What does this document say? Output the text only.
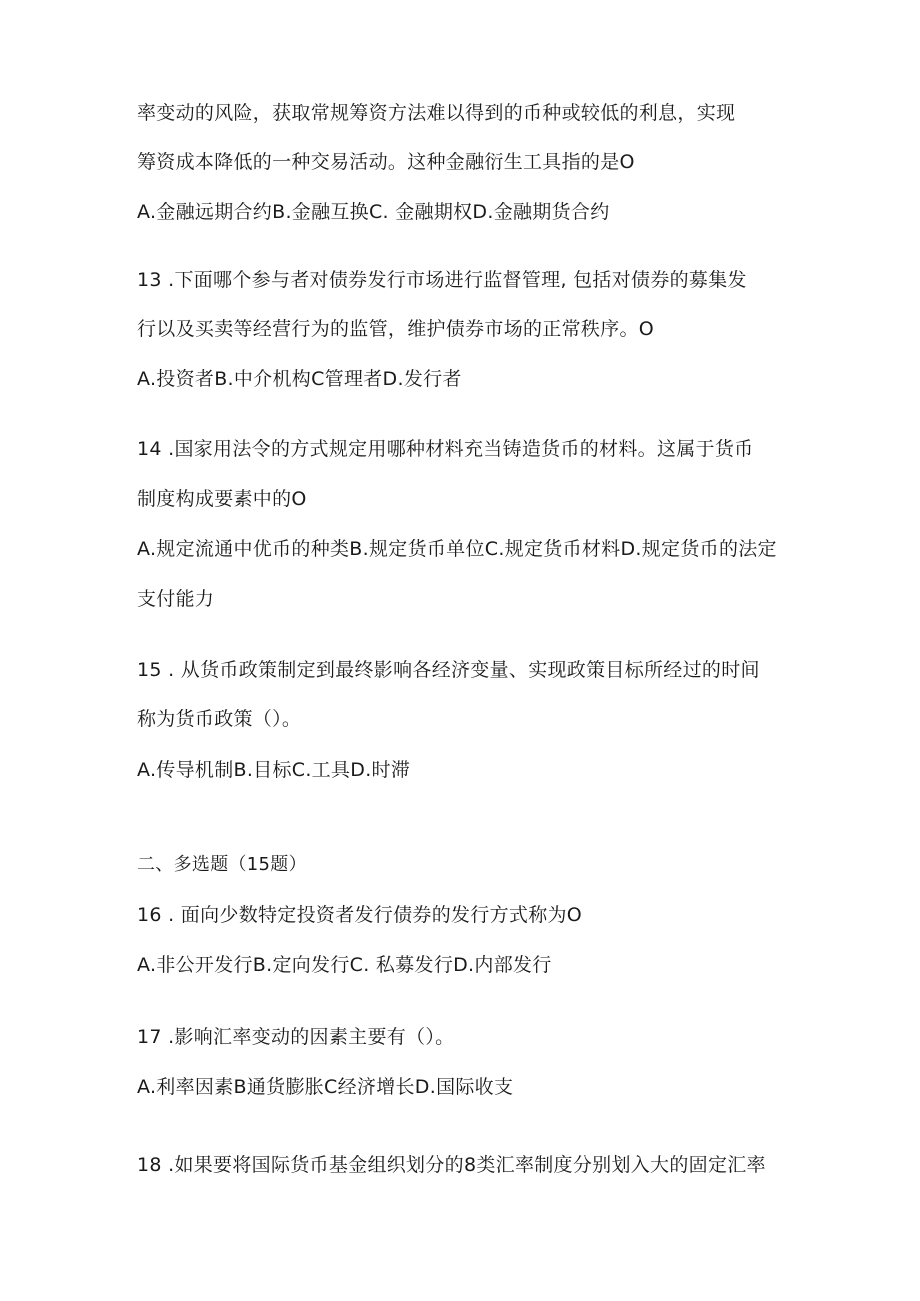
率变动的风险，获取常规筹资方法难以得到的币种或较低的利息，实现
筹资成本降低的一种交易活动。这种金融衍生工具指的是O
A.金融远期合约B.金融互换C. 金融期权D.金融期货合约
13 .下面哪个参与者对债券发行市场进行监督管理, 包括对债券的募集发
行以及买卖等经营行为的监管，维护债券市场的正常秩序。O
A.投资者B.中介机构C管理者D.发行者
14 .国家用法令的方式规定用哪种材料充当铸造货币的材料。这属于货币
制度构成要素中的O
A.规定流通中优币的种类B.规定货币单位C.规定货币材料D.规定货币的法定
支付能力
15 . 从货币政策制定到最终影响各经济变量、实现政策目标所经过的时间
称为货币政策（）。
A.传导机制B.目标C.工具D.时滞
二、多选题（15题）
16 . 面向少数特定投资者发行债券的发行方式称为O
A.非公开发行B.定向发行C. 私募发行D.内部发行
17 .影响汇率变动的因素主要有（）。
A.利率因素B通货膨胀C经济增长D.国际收支
18 .如果要将国际货币基金组织划分的8类汇率制度分别划入大的固定汇率
